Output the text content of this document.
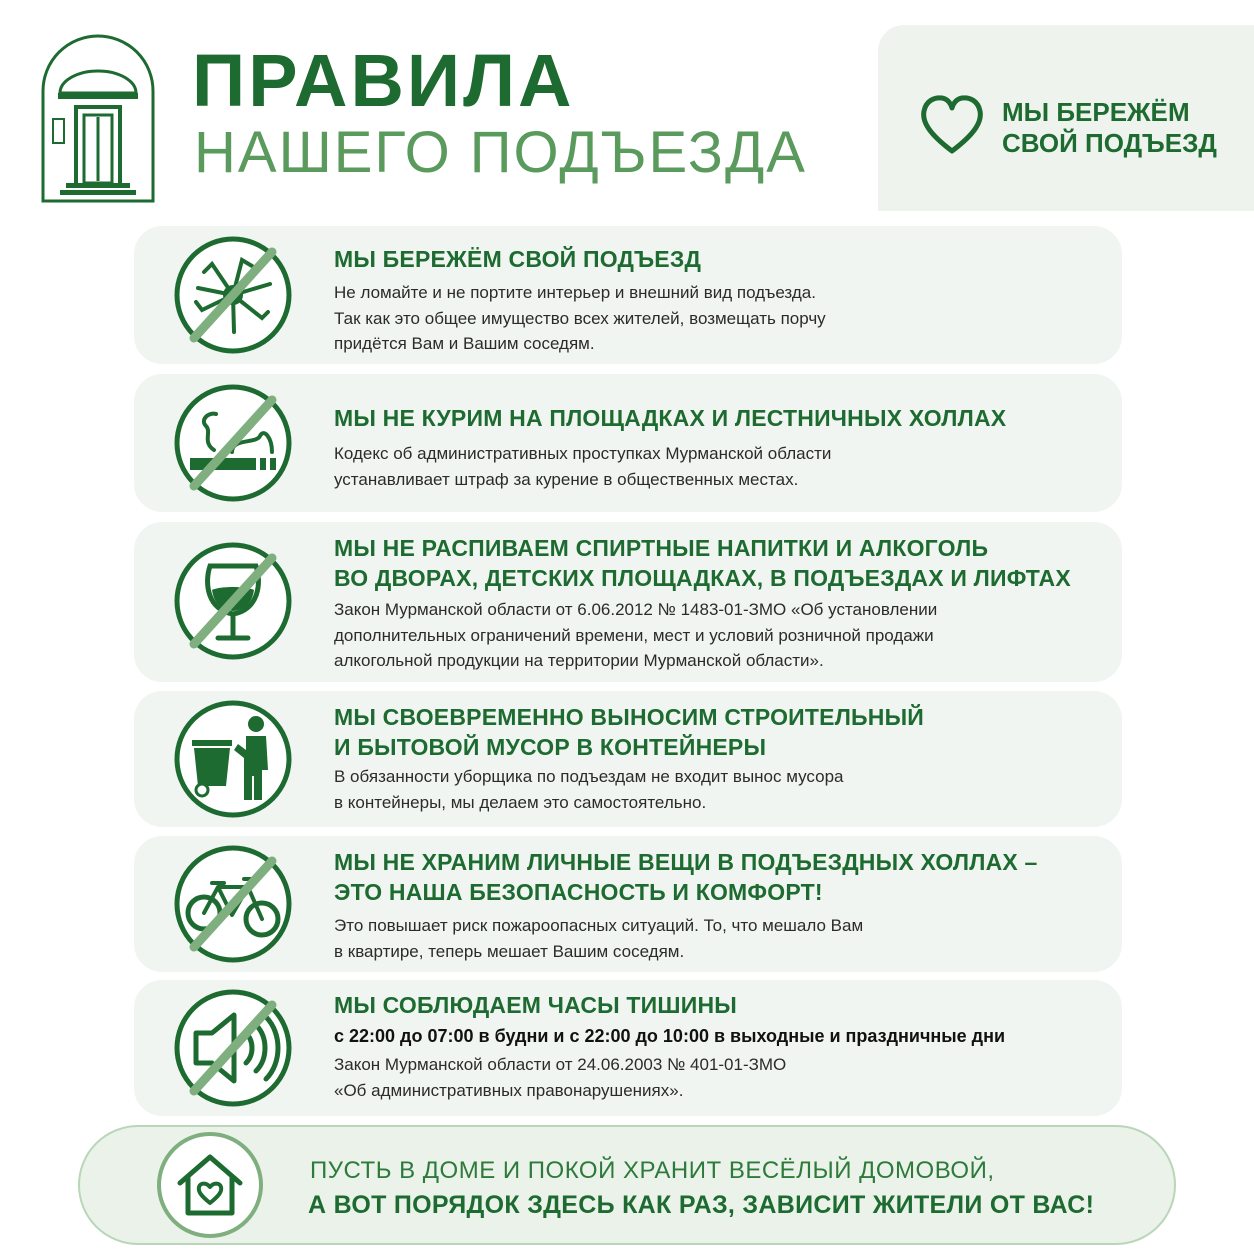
ПРАВИЛА
НАШЕГО ПОДЪЕЗДА
МЫ БЕРЕЖЁМ
СВОЙ ПОДЪЕЗД

МЫ БЕРЕЖЁМ СВОЙ ПОДЪЕЗД

Не ломайте и не портите интерьер и внешний вид подъезда.

Так как это общее имущество всех жителей, возмещать порчу

придётся Вам и Вашим соседям.

МЫ НЕ КУРИМ НА ПЛОЩАДКАХ И ЛЕСТНИЧНЫХ ХОЛЛАХ

Кодекс об административных проступках Мурманской области

устанавливает штраф за курение в общественных местах.

МЫ НЕ РАСПИВАЕМ СПИРТНЫЕ НАПИТКИ И АЛКОГОЛЬ

ВО ДВОРАХ, ДЕТСКИХ ПЛОЩАДКАХ, В ПОДЪЕЗДАХ И ЛИФТАХ

Закон Мурманской области от 6.06.2012 № 1483-01-ЗМО «Об установлении

дополнительных ограничений времени, мест и условий розничной продажи

алкогольной продукции на территории Мурманской области».

МЫ СВОЕВРЕМЕННО ВЫНОСИМ СТРОИТЕЛЬНЫЙ

И БЫТОВОЙ МУСОР В КОНТЕЙНЕРЫ

В обязанности уборщика по подъездам не входит вынос мусора

в контейнеры, мы делаем это самостоятельно.

МЫ НЕ ХРАНИМ ЛИЧНЫЕ ВЕЩИ В ПОДЪЕЗДНЫХ ХОЛЛАХ –

ЭТО НАША БЕЗОПАСНОСТЬ И КОМФОРТ!

Это повышает риск пожароопасных ситуаций. То, что мешало Вам

в квартире, теперь мешает Вашим соседям.

МЫ СОБЛЮДАЕМ ЧАСЫ ТИШИНЫ

с 22:00 до 07:00 в будни и с 22:00 до 10:00 в выходные и праздничные дни

Закон Мурманской области от 24.06.2003 № 401-01-ЗМО

«Об административных правонарушениях».

ПУСТЬ В ДОМЕ И ПОКОЙ ХРАНИТ ВЕСЁЛЫЙ ДОМОВОЙ,
А ВОТ ПОРЯДОК ЗДЕСЬ КАК РАЗ, ЗАВИСИТ ЖИТЕЛИ ОТ ВАС!
